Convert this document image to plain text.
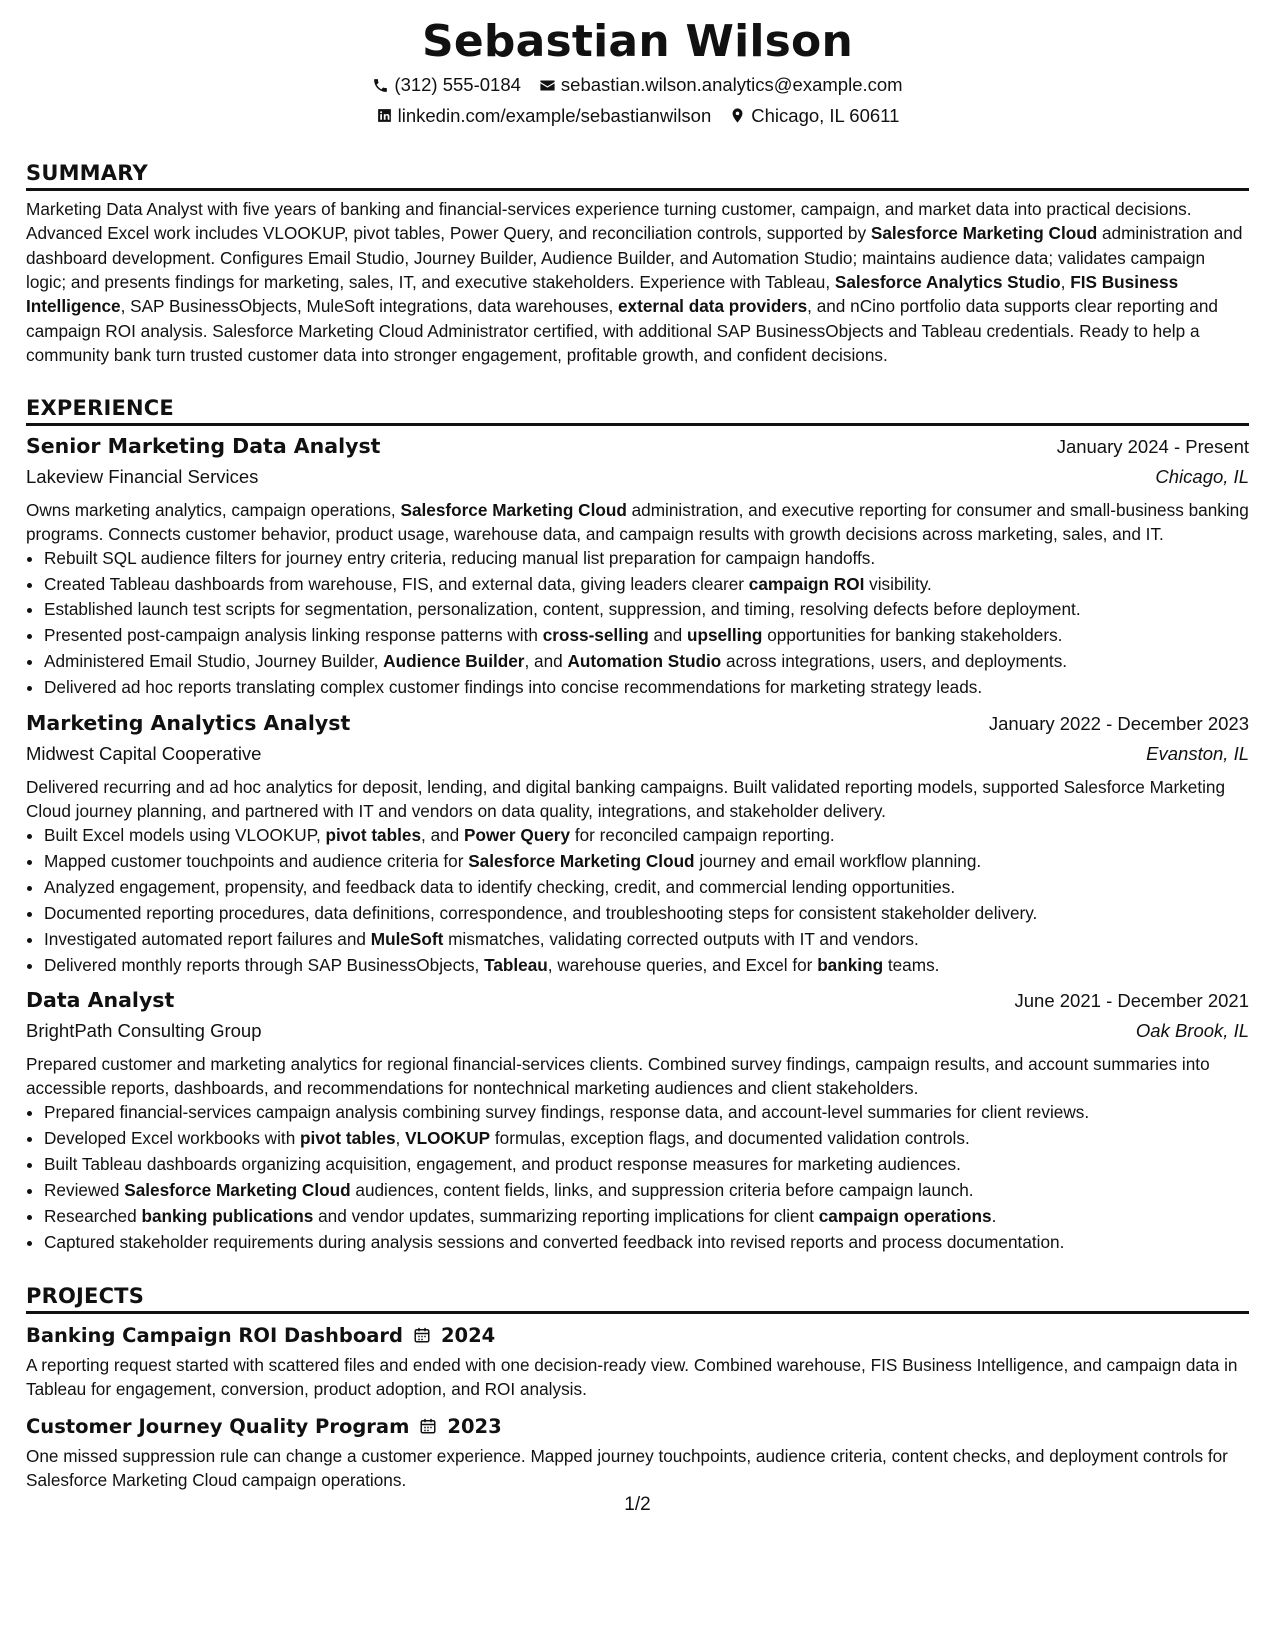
Sebastian Wilson
(312) 555-0184 sebastian.wilson.analytics@example.com
linkedin.com/example/sebastianwilson Chicago, IL 60611
SUMMARY

Marketing Data Analyst with five years of banking and financial-services experience turning customer, campaign, and market data into practical decisions. Advanced Excel work includes VLOOKUP, pivot tables, Power Query, and reconciliation controls, supported by Salesforce Marketing Cloud administration and dashboard development. Configures Email Studio, Journey Builder, Audience Builder, and Automation Studio; maintains audience data; validates campaign logic; and presents findings for marketing, sales, IT, and executive stakeholders. Experience with Tableau, Salesforce Analytics Studio, FIS Business Intelligence, SAP BusinessObjects, MuleSoft integrations, data warehouses, external data providers, and nCino portfolio data supports clear reporting and campaign ROI analysis. Salesforce Marketing Cloud Administrator certified, with additional SAP BusinessObjects and Tableau credentials. Ready to help a community bank turn trusted customer data into stronger engagement, profitable growth, and confident decisions.

EXPERIENCE
Senior Marketing Data Analyst	January 2024 - Present
Lakeview Financial Services	Chicago, IL
Owns marketing analytics, campaign operations, Salesforce Marketing Cloud administration, and executive reporting for consumer and small-business banking programs. Connects customer behavior, product usage, warehouse data, and campaign results with growth decisions across marketing, sales, and IT.
• Rebuilt SQL audience filters for journey entry criteria, reducing manual list preparation for campaign handoffs.
• Created Tableau dashboards from warehouse, FIS, and external data, giving leaders clearer campaign ROI visibility.
• Established launch test scripts for segmentation, personalization, content, suppression, and timing, resolving defects before deployment.
• Presented post-campaign analysis linking response patterns with cross-selling and upselling opportunities for banking stakeholders.
• Administered Email Studio, Journey Builder, Audience Builder, and Automation Studio across integrations, users, and deployments.
• Delivered ad hoc reports translating complex customer findings into concise recommendations for marketing strategy leads.
Marketing Analytics Analyst	January 2022 - December 2023
Midwest Capital Cooperative	Evanston, IL
Delivered recurring and ad hoc analytics for deposit, lending, and digital banking campaigns. Built validated reporting models, supported Salesforce Marketing Cloud journey planning, and partnered with IT and vendors on data quality, integrations, and stakeholder delivery.
• Built Excel models using VLOOKUP, pivot tables, and Power Query for reconciled campaign reporting.
• Mapped customer touchpoints and audience criteria for Salesforce Marketing Cloud journey and email workflow planning.
• Analyzed engagement, propensity, and feedback data to identify checking, credit, and commercial lending opportunities.
• Documented reporting procedures, data definitions, correspondence, and troubleshooting steps for consistent stakeholder delivery.
• Investigated automated report failures and MuleSoft mismatches, validating corrected outputs with IT and vendors.
• Delivered monthly reports through SAP BusinessObjects, Tableau, warehouse queries, and Excel for banking teams.
Data Analyst	June 2021 - December 2021
BrightPath Consulting Group	Oak Brook, IL
Prepared customer and marketing analytics for regional financial-services clients. Combined survey findings, campaign results, and account summaries into accessible reports, dashboards, and recommendations for nontechnical marketing audiences and client stakeholders.
• Prepared financial-services campaign analysis combining survey findings, response data, and account-level summaries for client reviews.
• Developed Excel workbooks with pivot tables, VLOOKUP formulas, exception flags, and documented validation controls.
• Built Tableau dashboards organizing acquisition, engagement, and product response measures for marketing audiences.
• Reviewed Salesforce Marketing Cloud audiences, content fields, links, and suppression criteria before campaign launch.
• Researched banking publications and vendor updates, summarizing reporting implications for client campaign operations.
• Captured stakeholder requirements during analysis sessions and converted feedback into revised reports and process documentation.
PROJECTS
Banking Campaign ROI Dashboard 2024
A reporting request started with scattered files and ended with one decision-ready view. Combined warehouse, FIS Business Intelligence, and campaign data in Tableau for engagement, conversion, product adoption, and ROI analysis.
Customer Journey Quality Program 2023
One missed suppression rule can change a customer experience. Mapped journey touchpoints, audience criteria, content checks, and deployment controls for Salesforce Marketing Cloud campaign operations.
1/2
